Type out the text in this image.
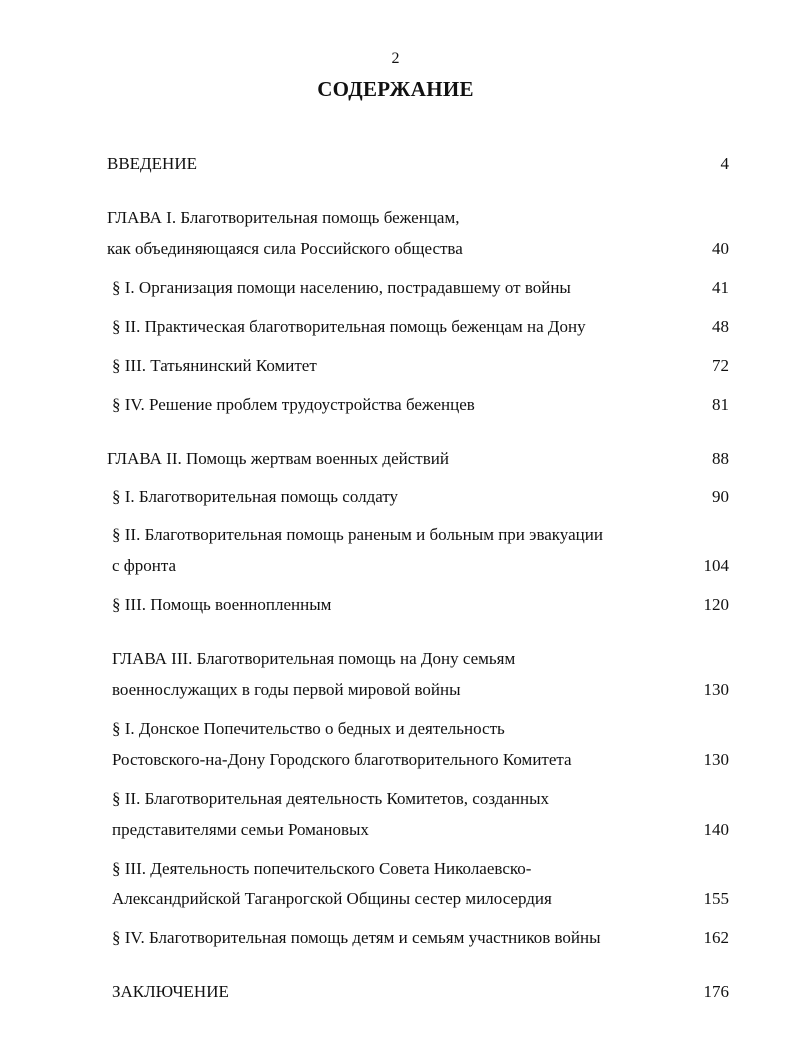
2
СОДЕРЖАНИЕ
ВВЕДЕНИЕ	4
ГЛАВА I. Благотворительная помощь беженцам,
как объединяющаяся сила Российского общества	40
§ I. Организация помощи населению, пострадавшему от войны	41
§ II. Практическая благотворительная помощь беженцам на Дону	48
§ III. Татьянинский Комитет	72
§ IV. Решение проблем трудоустройства беженцев	81
ГЛАВА II. Помощь жертвам военных действий	88
§ I. Благотворительная помощь солдату	90
§ II. Благотворительная помощь раненым и больным при эвакуации
с фронта	104
§ III. Помощь военнопленным	120
ГЛАВА III. Благотворительная помощь на Дону семьям
военнослужащих в годы первой мировой войны	130
§ I. Донское Попечительство о бедных и деятельность
Ростовского-на-Дону Городского благотворительного Комитета	130
§ II. Благотворительная деятельность Комитетов, созданных
представителями семьи Романовых	140
§ III. Деятельность попечительского Совета Николаевско-
Александрийской Таганрогской Общины сестер милосердия	155
§ IV. Благотворительная помощь детям и семьям участников войны	162
ЗАКЛЮЧЕНИЕ	176
